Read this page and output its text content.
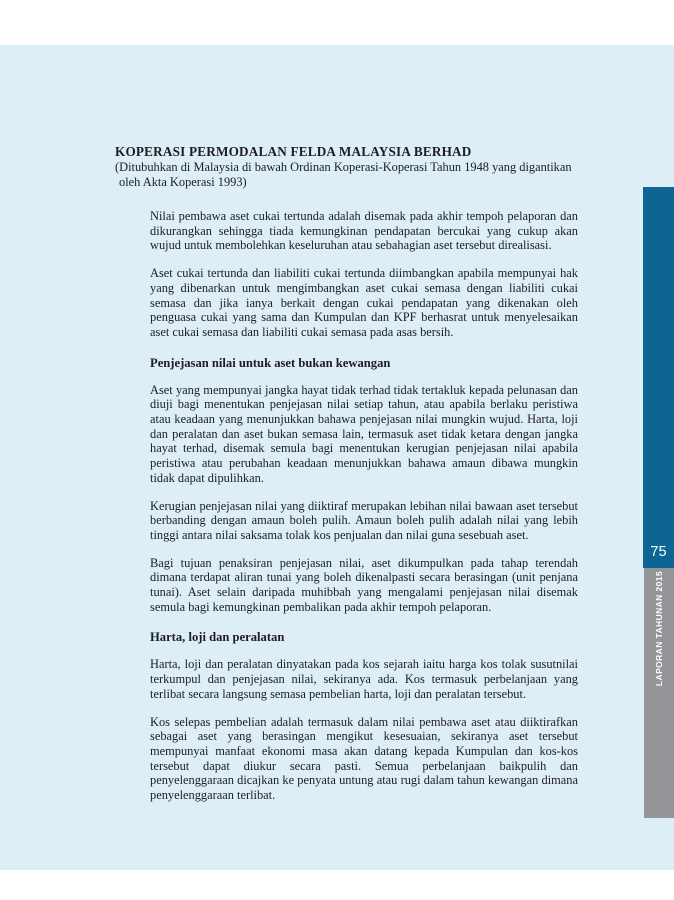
KOPERASI PERMODALAN FELDA MALAYSIA BERHAD
(Ditubuhkan di Malaysia di bawah Ordinan Koperasi-Koperasi Tahun 1948 yang digantikan
oleh Akta Koperasi 1993)

Nilai pembawa aset cukai tertunda adalah disemak pada akhir tempoh pelaporan dan dikurangkan sehingga tiada kemungkinan pendapatan bercukai yang cukup akan wujud untuk membolehkan keseluruhan atau sebahagian aset tersebut direalisasi.

Aset cukai tertunda dan liabiliti cukai tertunda diimbangkan apabila mempunyai hak yang dibenarkan untuk mengimbangkan aset cukai semasa dengan liabiliti cukai semasa dan jika ianya berkait dengan cukai pendapatan yang dikenakan oleh penguasa cukai yang sama dan Kumpulan dan KPF berhasrat untuk menyelesaikan aset cukai semasa dan liabiliti cukai semasa pada asas bersih.

Penjejasan nilai untuk aset bukan kewangan

Aset yang mempunyai jangka hayat tidak terhad tidak tertakluk kepada pelunasan dan diuji bagi menentukan penjejasan nilai setiap tahun, atau apabila berlaku peristiwa atau keadaan yang menunjukkan bahawa penjejasan nilai mungkin wujud. Harta, loji dan peralatan dan aset bukan semasa lain, termasuk aset tidak ketara dengan jangka hayat terhad, disemak semula bagi menentukan kerugian penjejasan nilai apabila peristiwa atau perubahan keadaan menunjukkan bahawa amaun dibawa mungkin tidak dapat dipulihkan.

Kerugian penjejasan nilai yang diiktiraf merupakan lebihan nilai bawaan aset tersebut berbanding dengan amaun boleh pulih. Amaun boleh pulih adalah nilai yang lebih tinggi antara nilai saksama tolak kos penjualan dan nilai guna sesebuah aset.

Bagi tujuan penaksiran penjejasan nilai, aset dikumpulkan pada tahap terendah dimana terdapat aliran tunai yang boleh dikenalpasti secara berasingan (unit penjana tunai). Aset selain daripada muhibbah yang mengalami penjejasan nilai disemak semula bagi kemungkinan pembalikan pada akhir tempoh pelaporan.

Harta, loji dan peralatan

Harta, loji dan peralatan dinyatakan pada kos sejarah iaitu harga kos tolak susutnilai terkumpul dan penjejasan nilai, sekiranya ada. Kos termasuk perbelanjaan yang terlibat secara langsung semasa pembelian harta, loji dan peralatan tersebut.

Kos selepas pembelian adalah termasuk dalam nilai pembawa aset atau diiktirafkan sebagai aset yang berasingan mengikut kesesuaian, sekiranya aset tersebut mempunyai manfaat ekonomi masa akan datang kepada Kumpulan dan kos-kos tersebut dapat diukur secara pasti. Semua perbelanjaan baikpulih dan penyelenggaraan dicajkan ke penyata untung atau rugi dalam tahun kewangan dimana penyelenggaraan terlibat.

75
LAPORAN TAHUNAN 2015
